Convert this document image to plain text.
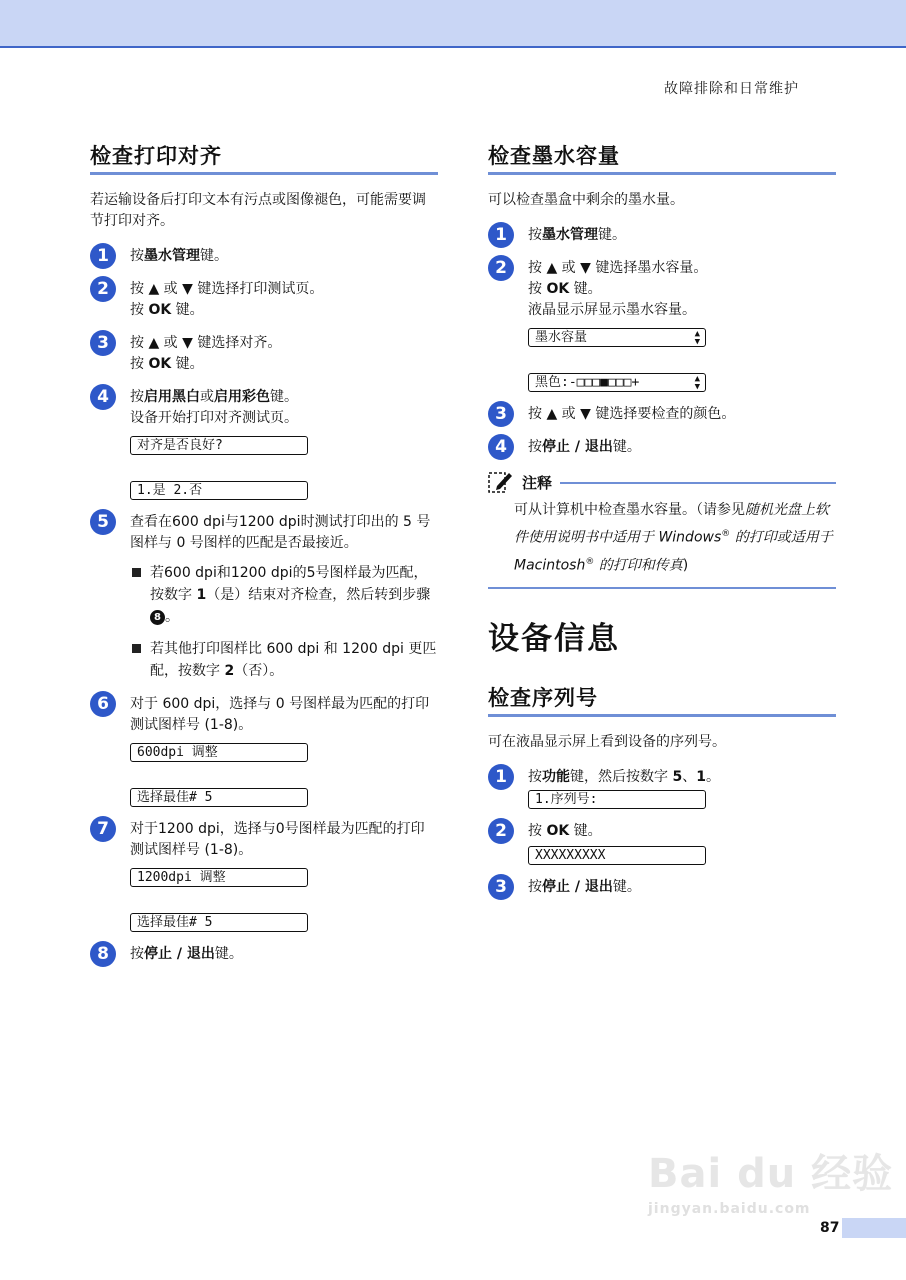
故障排除和日常维护
检查打印对齐

若运输设备后打印文本有污点或图像褪色，可能需要调节打印对齐。

1	按墨水管理键。
2	按 ▲ 或 ▼ 键选择打印测试页。
按 OK 键。
3	按 ▲ 或 ▼ 键选择对齐。
按 OK 键。
4	按启用黑白或启用彩色键。
设备开始打印对齐测试页。
对齐是否良好?
1.是 2.否
5	查看在600 dpi与1200 dpi时测试打印出的 5 号图样与 0 号图样的匹配是否最接近。
若600 dpi和1200 dpi的5号图样最为匹配，按数字 1（是）结束对齐检查，然后转到步骤 8 。
若其他打印图样比 600 dpi 和 1200 dpi 更匹配，按数字 2（否）。
6	对于 600 dpi，选择与 0 号图样最为匹配的打印测试图样号 (1-8)。
600dpi 调整
选择最佳# 5
7	对于1200 dpi，选择与0号图样最为匹配的打印测试图样号 (1-8)。
1200dpi 调整
选择最佳# 5
8	按停止 / 退出键。
检查墨水容量

可以检查墨盒中剩余的墨水量。

1	按墨水管理键。
2	按 ▲ 或 ▼ 键选择墨水容量。
按 OK 键。
液晶显示屏显示墨水容量。
墨水容量	▲
▼
黑色:-□□□■□□□+	▲
▼
3	按 ▲ 或 ▼ 键选择要检查的颜色。
4	按停止 / 退出键。
注释
可从计算机中检查墨水容量。（请参见随机光盘上软件使用说明书中适用于 Windows® 的打印或适用于 Macintosh® 的打印和传真)
设备信息
检查序列号

可在液晶显示屏上看到设备的序列号。

1	按功能键，然后按数字 5、1。
1.序列号:
2	按 OK 键。
XXXXXXXXX
3	按停止 / 退出键。
Bai du 经验
jingyan.baidu.com
87
